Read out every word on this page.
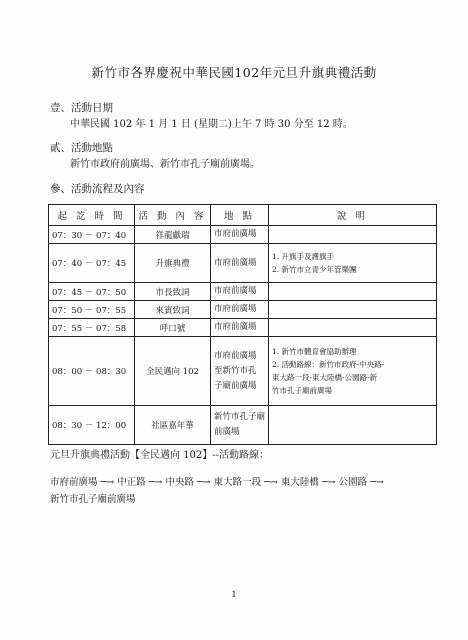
新竹市各界慶祝中華民國102年元旦升旗典禮活動
壹、活動日期
中華民國 102 年 1 月 1 日 (星期二)上午 7 時 30 分至 12 時。
貳、活動地點
新竹市政府前廣場、新竹市孔子廟前廣場。
參、活動流程及內容
起 訖 時 間	活 動 內 容	地 點	說 明
07：30 － 07：40	祥龍獻瑞	市府前廣場	

07：40 － 07：45	升旗典禮	市府前廣場	1. 升旗手及護旗手
2. 新竹市立青少年管樂團

07：45 － 07：50	市長致詞	市府前廣場	

07：50 － 07：55	來賓致詞	市府前廣場	

07：55 － 07：58	呼口號	市府前廣場	

08：00 － 08：30	全民邁向 102	市府前廣場
至新竹市孔
子廟前廣場	1. 新竹市體育會協助辦理
2. 活動路線：新竹市政府-中央路-
東大路一段-東大陸橋-公園路-新
竹市孔子廟前廣場

08：30 － 12：00	社區嘉年華	新竹市孔子廟
前廣場	

元旦升旗典禮活動【全民邁向 102】--活動路線：
市府前廣場 ─→ 中正路 ─→ 中央路 ─→ 東大路一段 ─→ 東大陸橋 ─→ 公園路 ─→
新竹市孔子廟前廣場
1
